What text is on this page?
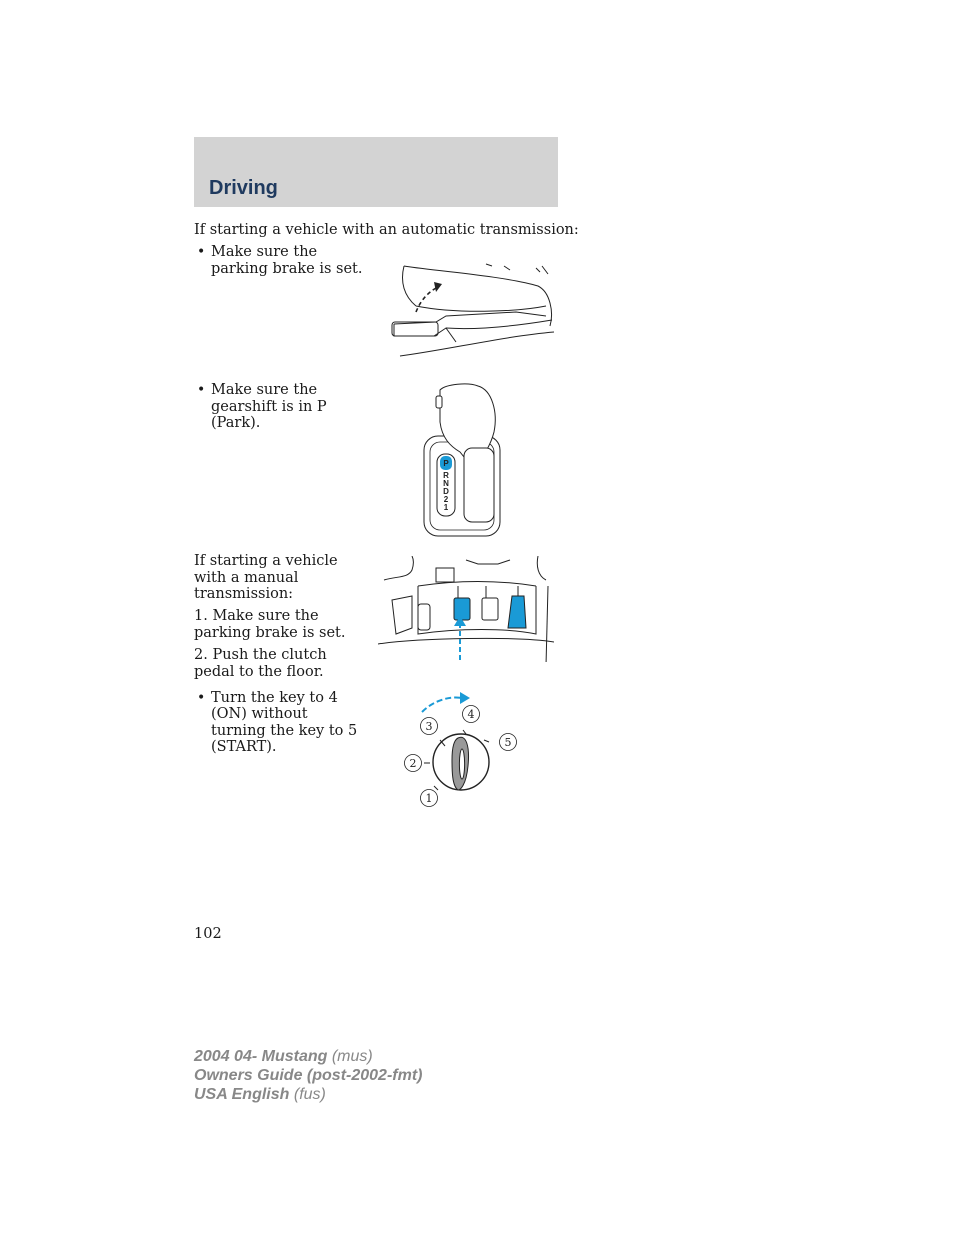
Driving
If starting a vehicle with an automatic transmission:
• Make sure the
parking brake is set.
• Make sure the
gearshift is in P
(Park).
P
R
N
D
2
1
If starting a vehicle
with a manual
transmission:
1. Make sure the
parking brake is set.
2. Push the clutch
pedal to the floor.
• Turn the key to 4
(ON) without
turning the key to 5
(START).
3
4
5
2
1
102
2004 04- Mustang (mus)
Owners Guide (post-2002-fmt)
USA English (fus)
